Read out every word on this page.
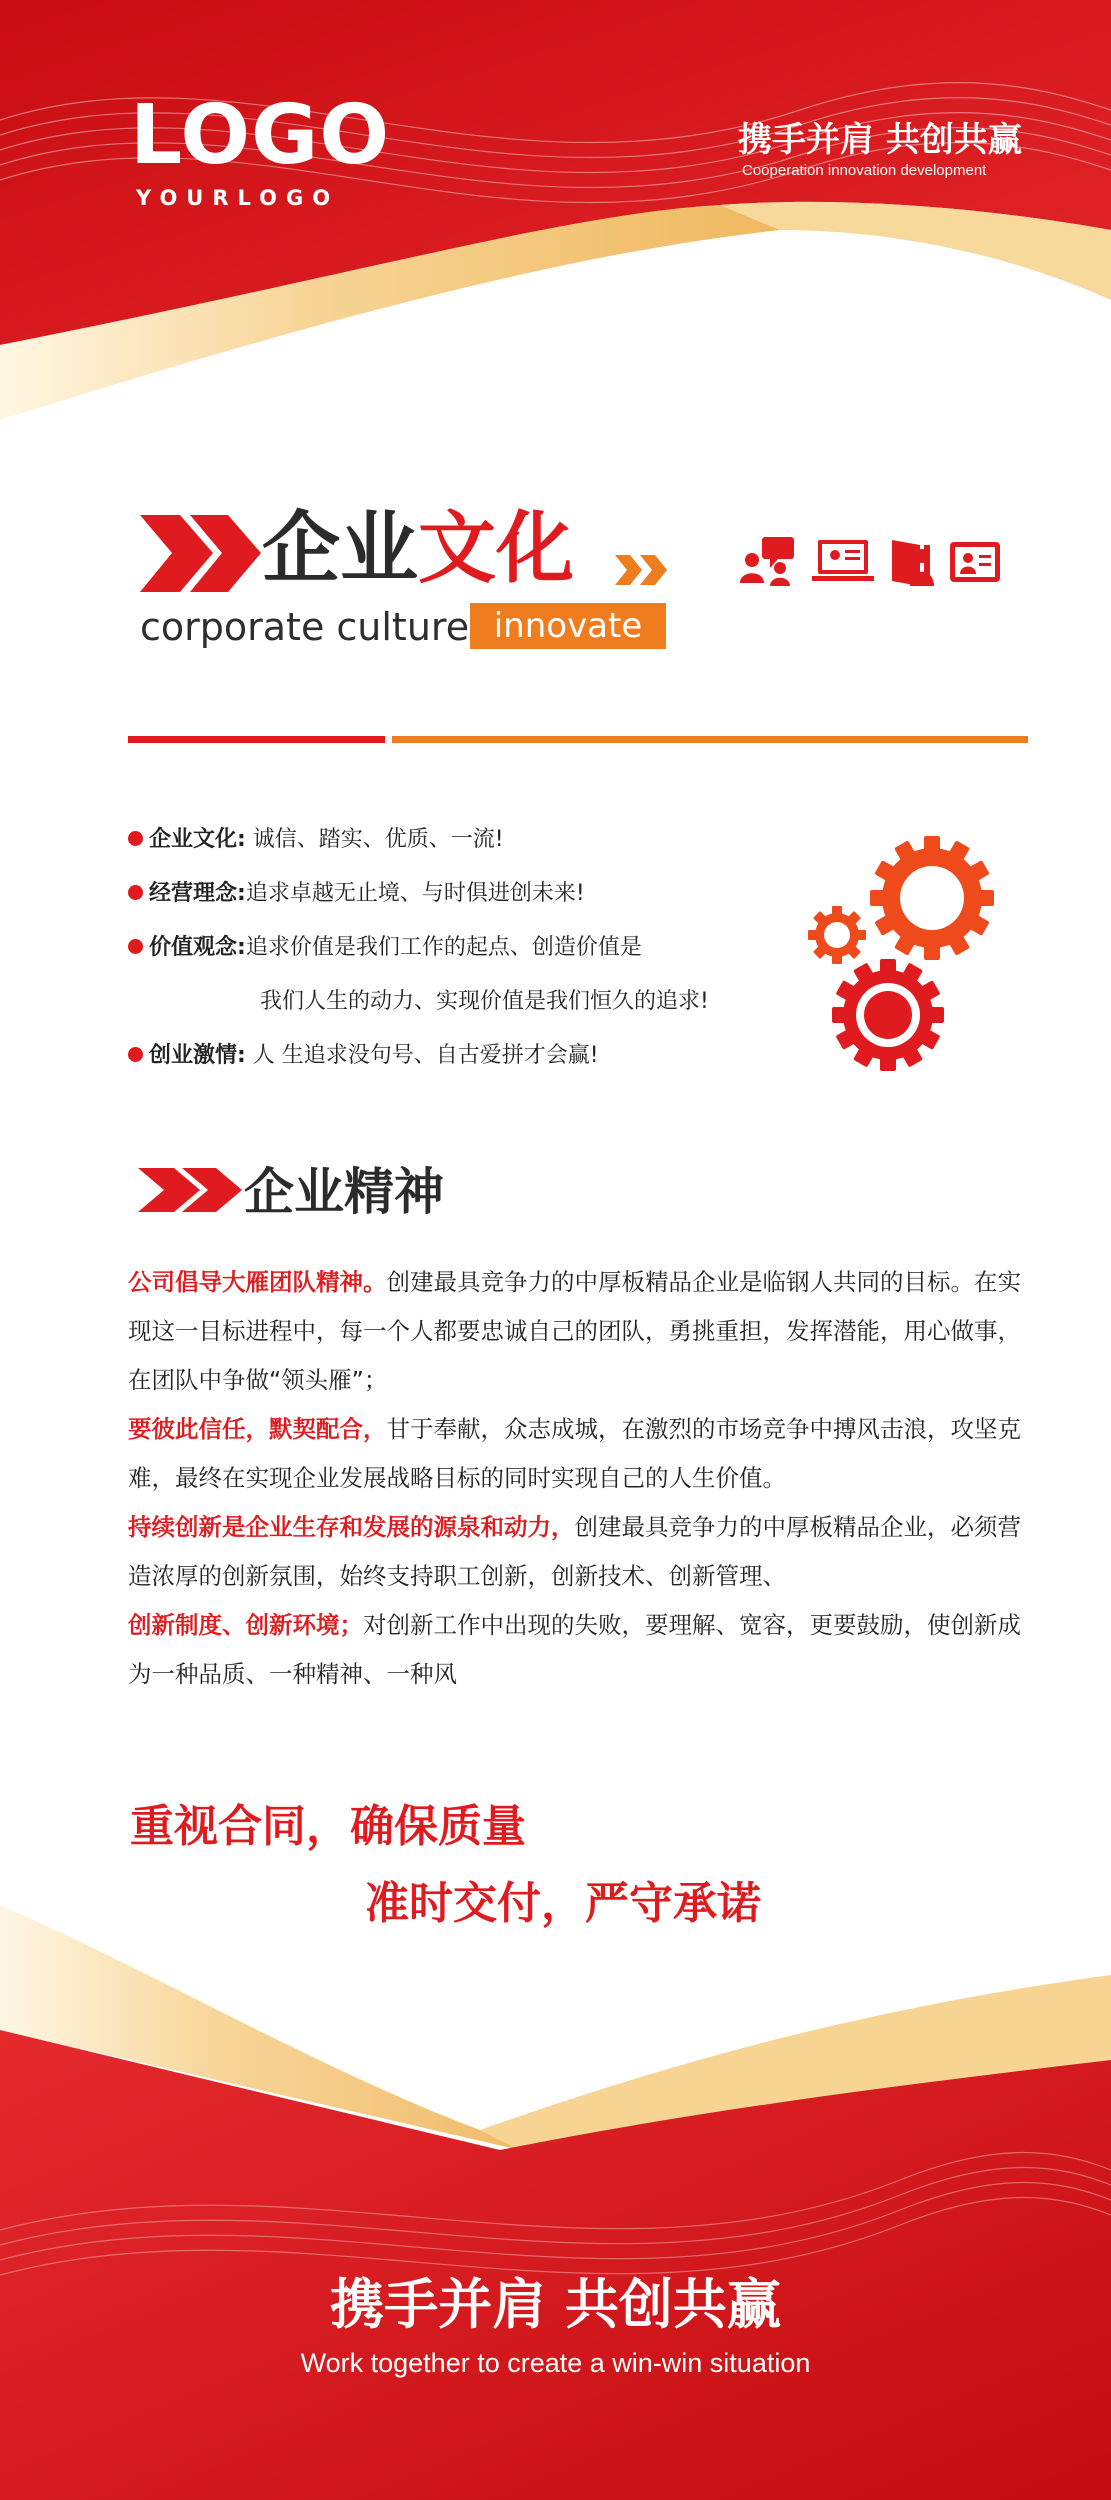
LOGO
YOURLOGO
携手并肩 共创共赢
Cooperation innovation development
企业文化
corporate culture innovate
企业文化: 诚信、踏实、优质、一流!
经营理念:追求卓越无止境、与时俱进创未来!
价值观念:追求价值是我们工作的起点、创造价值是
我们人生的动力、实现价值是我们恒久的追求!
创业激情: 人 生追求没句号、自古爱拼才会赢!
企业精神
公司倡导大雁团队精神。创建最具竞争力的中厚板精品企业是临钢人共同的目标。在实现这一目标进程中，每一个人都要忠诚自己的团队，勇挑重担，发挥潜能，用心做事，在团队中争做“领头雁”；
要彼此信任，默契配合，甘于奉献，众志成城，在激烈的市场竞争中搏风击浪，攻坚克难，最终在实现企业发展战略目标的同时实现自己的人生价值。
持续创新是企业生存和发展的源泉和动力，创建最具竞争力的中厚板精品企业，必须营造浓厚的创新氛围，始终支持职工创新，创新技术、创新管理、
创新制度、创新环境；对创新工作中出现的失败，要理解、宽容，更要鼓励，使创新成为一种品质、一种精神、一种风
重视合同，确保质量
准时交付，严守承诺
携手并肩 共创共赢
Work together to create a win-win situation
